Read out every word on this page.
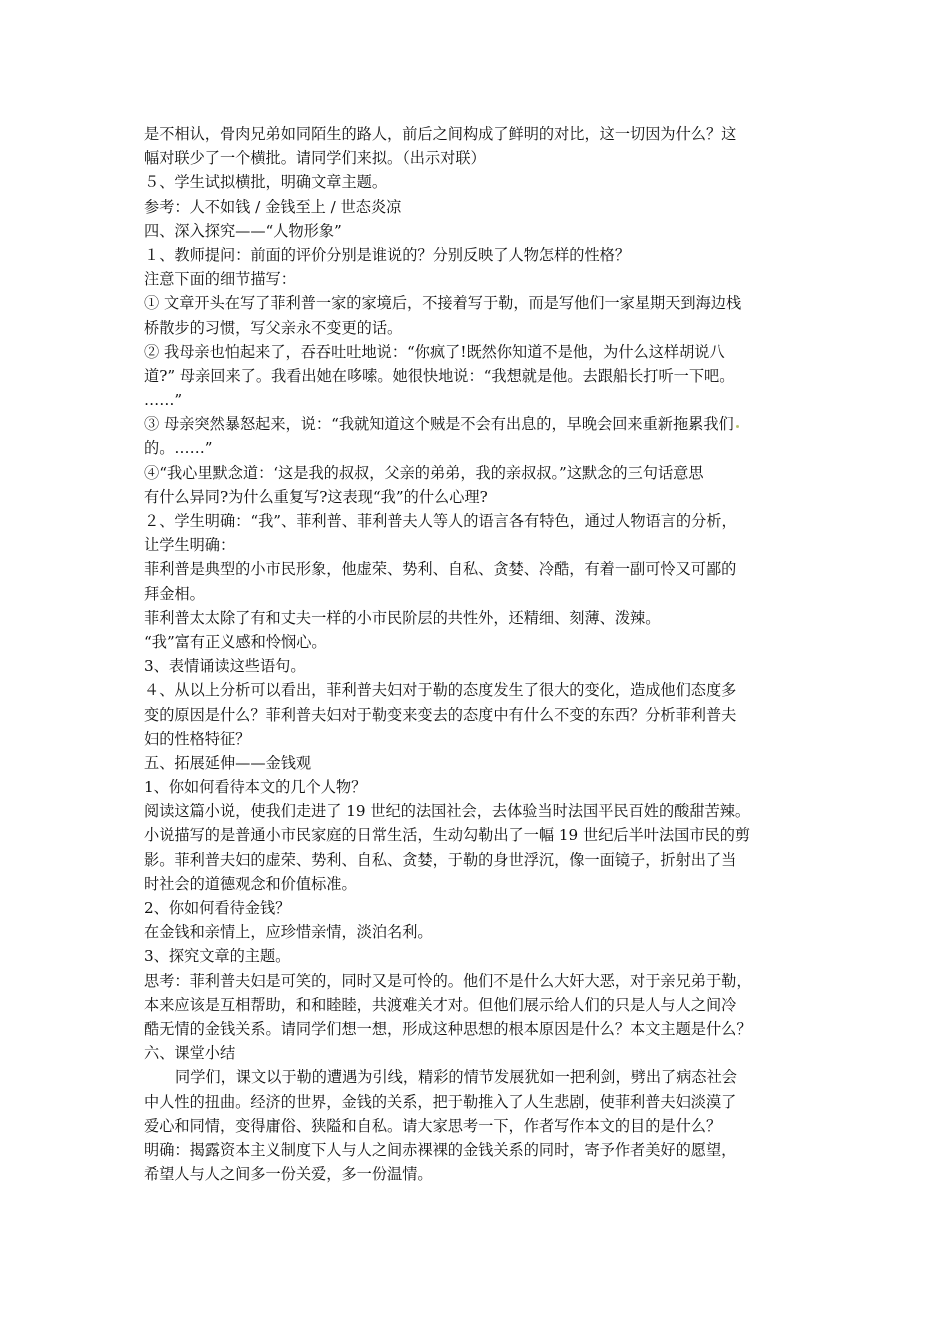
是不相认，骨肉兄弟如同陌生的路人，前后之间构成了鲜明的对比，这一切因为什么？这
幅对联少了一个横批。请同学们来拟。（出示对联）
５、学生试拟横批，明确文章主题。
参考：人不如钱 / 金钱至上 / 世态炎凉
四、深入探究——“人物形象”
１、教师提问：前面的评价分别是谁说的？分别反映了人物怎样的性格？
注意下面的细节描写：
① 文章开头在写了菲利普一家的家境后，不接着写于勒，而是写他们一家星期天到海边栈
桥散步的习惯，写父亲永不变更的话。
② 我母亲也怕起来了，吞吞吐吐地说：“你疯了!既然你知道不是他，为什么这样胡说八
道?” 母亲回来了。我看出她在哆嗦。她很快地说：“我想就是他。去跟船长打听一下吧。
……”
③ 母亲突然暴怒起来，说：“我就知道这个贼是不会有出息的，早晚会回来重新拖累我们
的。……”
④“我心里默念道：‘这是我的叔叔，父亲的弟弟，我的亲叔叔。”这默念的三句话意思
有什么异同?为什么重复写?这表现“我”的什么心理?
２、学生明确：“我”、菲利普、菲利普夫人等人的语言各有特色，通过人物语言的分析，
让学生明确：
菲利普是典型的小市民形象，他虚荣、势利、自私、贪婪、冷酷，有着一副可怜又可鄙的
拜金相。
菲利普太太除了有和丈夫一样的小市民阶层的共性外，还精细、刻薄、泼辣。
“我”富有正义感和怜悯心。
3、表情诵读这些语句。
４、从以上分析可以看出，菲利普夫妇对于勒的态度发生了很大的变化，造成他们态度多
变的原因是什么？菲利普夫妇对于勒变来变去的态度中有什么不变的东西？分析菲利普夫
妇的性格特征？
五、拓展延伸——金钱观
1、你如何看待本文的几个人物？
阅读这篇小说，使我们走进了 19 世纪的法国社会，去体验当时法国平民百姓的酸甜苦辣。
小说描写的是普通小市民家庭的日常生活，生动勾勒出了一幅 19 世纪后半叶法国市民的剪
影。菲利普夫妇的虚荣、势利、自私、贪婪，于勒的身世浮沉，像一面镜子，折射出了当
时社会的道德观念和价值标准。
2、你如何看待金钱？
在金钱和亲情上，应珍惜亲情，淡泊名利。
3、探究文章的主题。
思考：菲利普夫妇是可笑的，同时又是可怜的。他们不是什么大奸大恶，对于亲兄弟于勒，
本来应该是互相帮助，和和睦睦，共渡难关才对。但他们展示给人们的只是人与人之间冷
酷无情的金钱关系。请同学们想一想，形成这种思想的根本原因是什么？本文主题是什么？
六、课堂小结
同学们，课文以于勒的遭遇为引线，精彩的情节发展犹如一把利剑，劈出了病态社会
中人性的扭曲。经济的世界，金钱的关系，把于勒推入了人生悲剧，使菲利普夫妇淡漠了
爱心和同情，变得庸俗、狭隘和自私。请大家思考一下，作者写作本文的目的是什么？
明确：揭露资本主义制度下人与人之间赤裸裸的金钱关系的同时，寄予作者美好的愿望，
希望人与人之间多一份关爱，多一份温情。
